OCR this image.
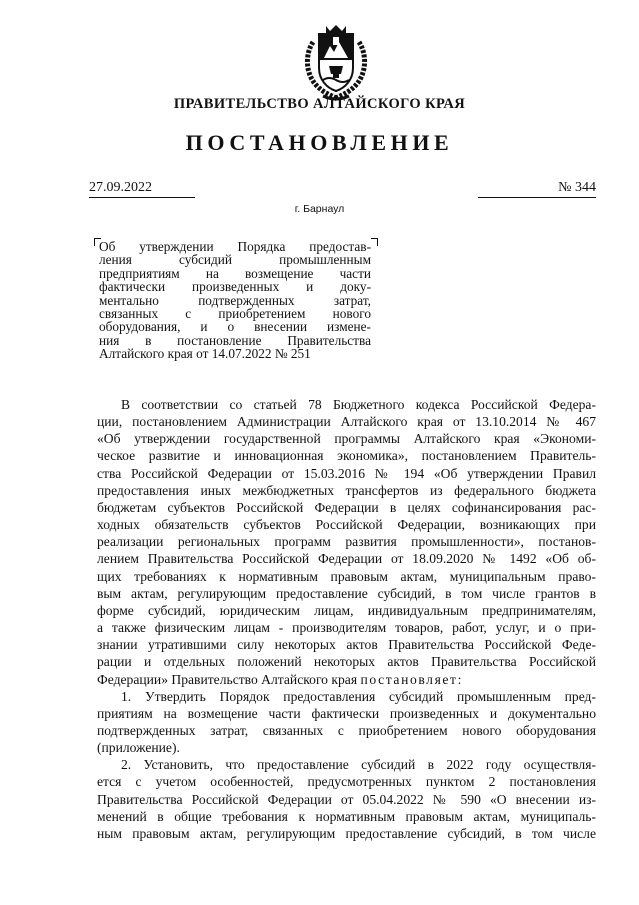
ПРАВИТЕЛЬСТВО АЛТАЙСКОГО КРАЯ
ПОСТАНОВЛЕНИЕ
27.09.2022	№ 344
г. Барнаул
Об утверждении Порядка предостав-
ления субсидий промышленным
предприятиям на возмещение части
фактически произведенных и доку-
ментально подтвержденных затрат,
связанных с приобретением нового
оборудования, и о внесении измене-
ния в постановление Правительства
Алтайского края от 14.07.2022 № 251
В соответствии со статьей 78 Бюджетного кодекса Российской Федера-
ции, постановлением Администрации Алтайского края от 13.10.2014 № 467
«Об утверждении государственной программы Алтайского края «Экономи-
ческое развитие и инновационная экономика», постановлением Правитель-
ства Российской Федерации от 15.03.2016 № 194 «Об утверждении Правил
предоставления иных межбюджетных трансфертов из федерального бюджета
бюджетам субъектов Российской Федерации в целях софинансирования рас-
ходных обязательств субъектов Российской Федерации, возникающих при
реализации региональных программ развития промышленности», постанов-
лением Правительства Российской Федерации от 18.09.2020 № 1492 «Об об-
щих требованиях к нормативным правовым актам, муниципальным право-
вым актам, регулирующим предоставление субсидий, в том числе грантов в
форме субсидий, юридическим лицам, индивидуальным предпринимателям,
а также физическим лицам - производителям товаров, работ, услуг, и о при-
знании утратившими силу некоторых актов Правительства Российской Феде-
рации и отдельных положений некоторых актов Правительства Российской
Федерации» Правительство Алтайского края постановляет:
1. Утвердить Порядок предоставления субсидий промышленным пред-
приятиям на возмещение части фактически произведенных и документально
подтвержденных затрат, связанных с приобретением нового оборудования
(приложение).
2. Установить, что предоставление субсидий в 2022 году осуществля-
ется с учетом особенностей, предусмотренных пунктом 2 постановления
Правительства Российской Федерации от 05.04.2022 № 590 «О внесении из-
менений в общие требования к нормативным правовым актам, муниципаль-
ным правовым актам, регулирующим предоставление субсидий, в том числе
